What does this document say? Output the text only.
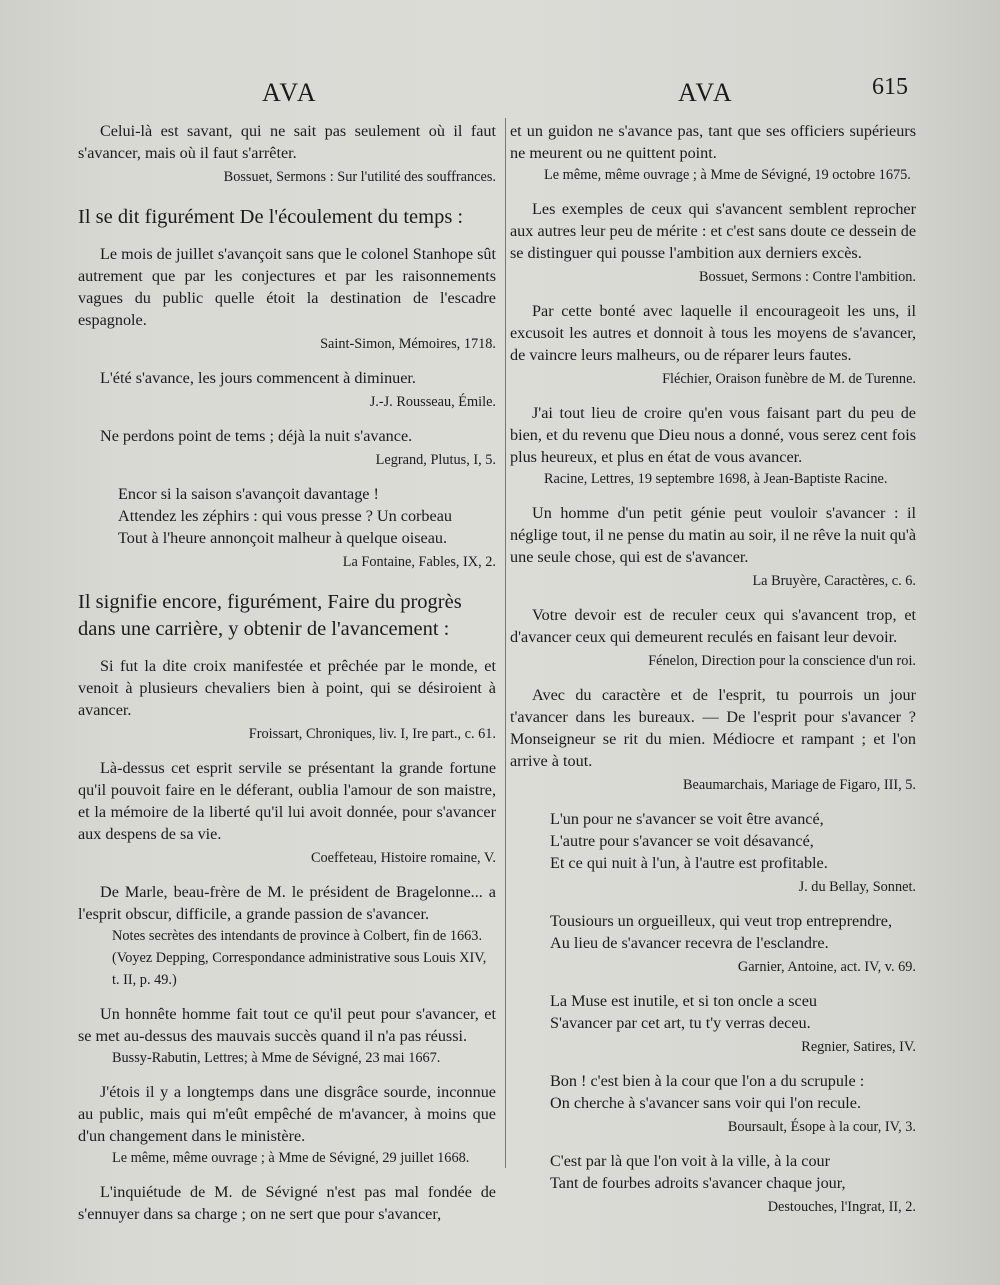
AVA	AVA	615

Celui-là est savant, qui ne sait pas seulement où il faut s'avancer, mais où il faut s'arrêter.

Bossuet, Sermons : Sur l'utilité des souffrances.
Il se dit figurément De l'écoulement du temps :

Le mois de juillet s'avançoit sans que le colonel Stanhope sût autrement que par les conjectures et par les raisonnements vagues du public quelle étoit la destination de l'escadre espagnole.

Saint-Simon, Mémoires, 1718.

L'été s'avance, les jours commencent à diminuer.

J.-J. Rousseau, Émile.

Ne perdons point de tems ; déjà la nuit s'avance.

Legrand, Plutus, I, 5.
Encor si la saison s'avançoit davantage !
Attendez les zéphirs : qui vous presse ? Un corbeau
Tout à l'heure annonçoit malheur à quelque oiseau.
La Fontaine, Fables, IX, 2.
Il signifie encore, figurément, Faire du progrès dans une carrière, y obtenir de l'avancement :

Si fut la dite croix manifestée et prêchée par le monde, et venoit à plusieurs chevaliers bien à point, qui se désiroient à avancer.

Froissart, Chroniques, liv. I, Ire part., c. 61.

Là-dessus cet esprit servile se présentant la grande fortune qu'il pouvoit faire en le déferant, oublia l'amour de son maistre, et la mémoire de la liberté qu'il lui avoit donnée, pour s'avancer aux despens de sa vie.

Coeffeteau, Histoire romaine, V.

De Marle, beau-frère de M. le président de Bragelonne... a l'esprit obscur, difficile, a grande passion de s'avancer.

Notes secrètes des intendants de province à Colbert, fin de 1663. (Voyez Depping, Correspondance administrative sous Louis XIV, t. II, p. 49.)

Un honnête homme fait tout ce qu'il peut pour s'avancer, et se met au-dessus des mauvais succès quand il n'a pas réussi.

Bussy-Rabutin, Lettres; à Mme de Sévigné, 23 mai 1667.

J'étois il y a longtemps dans une disgrâce sourde, inconnue au public, mais qui m'eût empêché de m'avancer, à moins que d'un changement dans le ministère.

Le même, même ouvrage ; à Mme de Sévigné, 29 juillet 1668.

L'inquiétude de M. de Sévigné n'est pas mal fondée de s'ennuyer dans sa charge ; on ne sert que pour s'avancer,

et un guidon ne s'avance pas, tant que ses officiers supérieurs ne meurent ou ne quittent point.

Le même, même ouvrage ; à Mme de Sévigné, 19 octobre 1675.

Les exemples de ceux qui s'avancent semblent reprocher aux autres leur peu de mérite : et c'est sans doute ce dessein de se distinguer qui pousse l'ambition aux derniers excès.

Bossuet, Sermons : Contre l'ambition.

Par cette bonté avec laquelle il encourageoit les uns, il excusoit les autres et donnoit à tous les moyens de s'avancer, de vaincre leurs malheurs, ou de réparer leurs fautes.

Fléchier, Oraison funèbre de M. de Turenne.

J'ai tout lieu de croire qu'en vous faisant part du peu de bien, et du revenu que Dieu nous a donné, vous serez cent fois plus heureux, et plus en état de vous avancer.

Racine, Lettres, 19 septembre 1698, à Jean-Baptiste Racine.

Un homme d'un petit génie peut vouloir s'avancer : il néglige tout, il ne pense du matin au soir, il ne rêve la nuit qu'à une seule chose, qui est de s'avancer.

La Bruyère, Caractères, c. 6.

Votre devoir est de reculer ceux qui s'avancent trop, et d'avancer ceux qui demeurent reculés en faisant leur devoir.

Fénelon, Direction pour la conscience d'un roi.

Avec du caractère et de l'esprit, tu pourrois un jour t'avancer dans les bureaux. — De l'esprit pour s'avancer ? Monseigneur se rit du mien. Médiocre et rampant ; et l'on arrive à tout.

Beaumarchais, Mariage de Figaro, III, 5.
L'un pour ne s'avancer se voit être avancé,
L'autre pour s'avancer se voit désavancé,
Et ce qui nuit à l'un, à l'autre est profitable.
J. du Bellay, Sonnet.
Tousiours un orgueilleux, qui veut trop entreprendre,
Au lieu de s'avancer recevra de l'esclandre.
Garnier, Antoine, act. IV, v. 69.
La Muse est inutile, et si ton oncle a sceu
S'avancer par cet art, tu t'y verras deceu.
Regnier, Satires, IV.
Bon ! c'est bien à la cour que l'on a du scrupule :
On cherche à s'avancer sans voir qui l'on recule.
Boursault, Ésope à la cour, IV, 3.
C'est par là que l'on voit à la ville, à la cour
Tant de fourbes adroits s'avancer chaque jour,
Destouches, l'Ingrat, II, 2.
